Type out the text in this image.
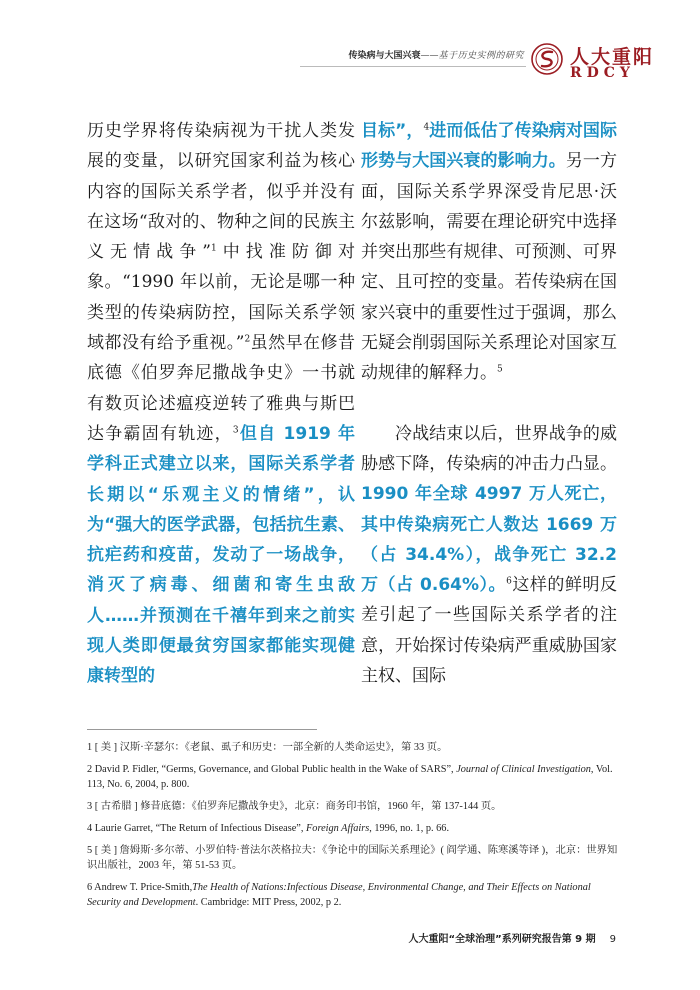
传染病与大国兴衰——基于历史实例的研究 人大重阳
RDCY

历史学界将传染病视为干扰人类发展的变量，以研究国家利益为核心内容的国际关系学者，似乎并没有在这场“敌对的、物种之间的民族主义无情战争”$^1$中找准防御对象。“1990 年以前，无论是哪一种类型的传染病防控，国际关系学领域都没有给予重视。”$^2$虽然早在修昔底德《伯罗奔尼撒战争史》一书就有数页论述瘟疫逆转了雅典与斯巴达争霸固有轨迹，$^3$但自 1919 年学科正式建立以来，国际关系学者长期以“乐观主义的情绪”，认为“强大的医学武器，包括抗生素、抗疟药和疫苗，发动了一场战争，消灭了病毒、细菌和寄生虫敌人……并预测在千禧年到来之前实现人类即便最贫穷国家都能实现健康转型的

目标”，$^4$进而低估了传染病对国际形势与大国兴衰的影响力。另一方面，国际关系学界深受肯尼思·沃尔兹影响，需要在理论研究中选择并突出那些有规律、可预测、可界定、且可控的变量。若传染病在国家兴衰中的重要性过于强调，那么无疑会削弱国际关系理论对国家互动规律的解释力。$^5$

冷战结束以后，世界战争的威胁感下降，传染病的冲击力凸显。1990 年全球 4997 万人死亡，其中传染病死亡人数达 1669 万（占 34.4%），战争死亡 32.2 万（占 0.64%）。$^6$这样的鲜明反差引起了一些国际关系学者的注意，开始探讨传染病严重威胁国家主权、国际

1 [ 美 ] 汉斯·辛瑟尔：《老鼠、虱子和历史：一部全新的人类命运史》，第 33 页。

2 David P. Fidler, “Germs, Governance, and Global Public health in the Wake of SARS”, Journal of Clinical Investigation, Vol. 113, No. 6, 2004, p. 800.

3 [ 古希腊 ] 修昔底德：《伯罗奔尼撒战争史》，北京：商务印书馆，1960 年，第 137-144 页。

4 Laurie Garret, “The Return of Infectious Disease”, Foreign Affairs, 1996, no. 1, p. 66.

5 [ 美 ] 詹姆斯·多尔蒂、小罗伯特·普法尔茨格拉夫：《争论中的国际关系理论》( 阎学通、陈寒溪等译 )，北京：世界知识出版社，2003 年，第 51-53 页。

6 Andrew T. Price-Smith,The Health of Nations:Infectious Disease, Environmental Change, and Their Effects on National Security and Development. Cambridge: MIT Press, 2002, p 2.

人大重阳“全球治理”系列研究报告第 9 期 9
